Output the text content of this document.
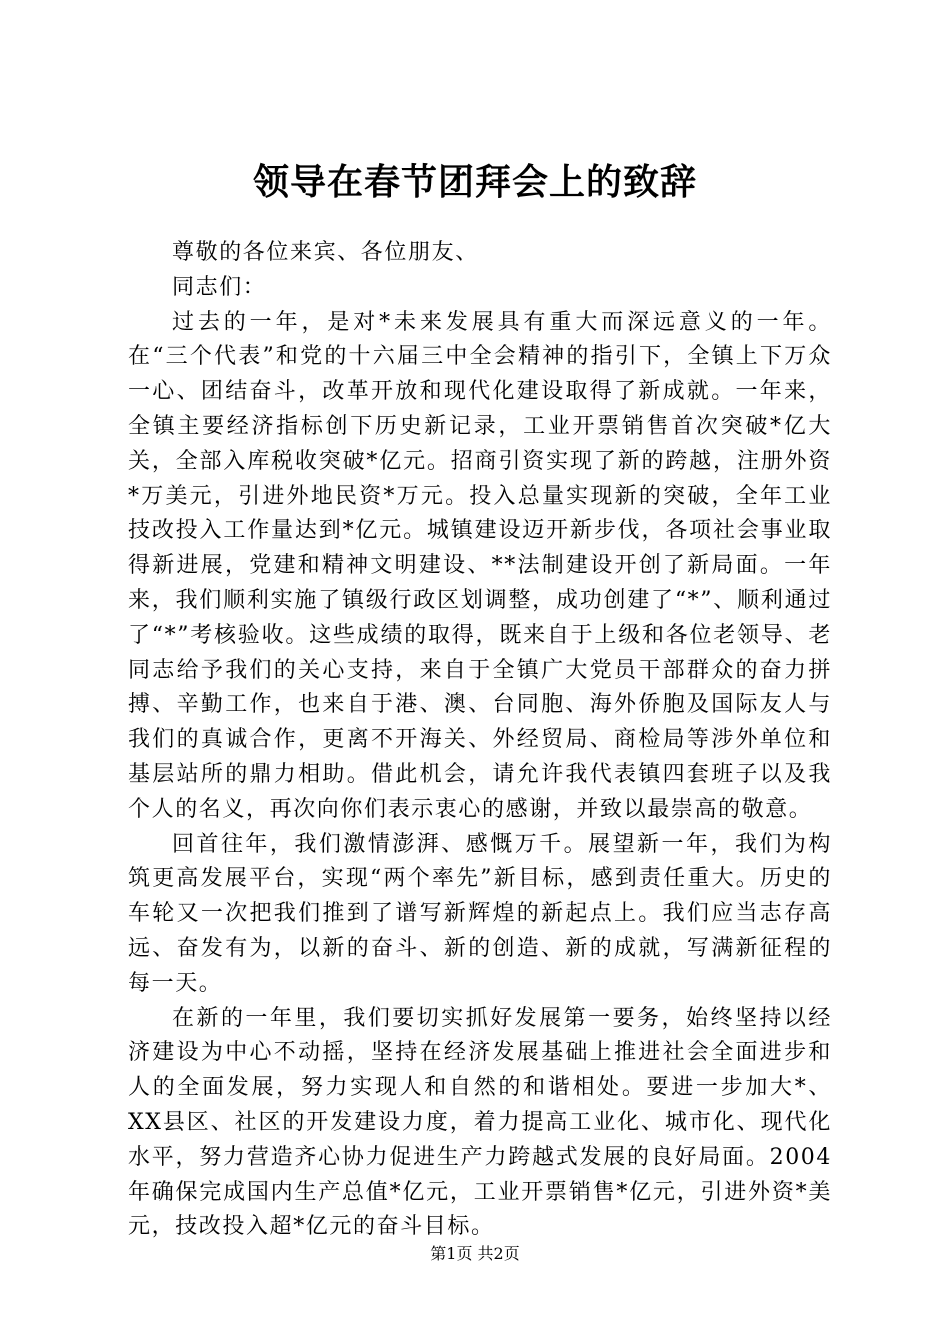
领导在春节团拜会上的致辞

尊敬的各位来宾、各位朋友、

同志们：

过去的一年，是对*未来发展具有重大而深远意义的一年。在“三个代表”和党的十六届三中全会精神的指引下，全镇上下万众一心、团结奋斗，改革开放和现代化建设取得了新成就。一年来，全镇主要经济指标创下历史新记录，工业开票销售首次突破*亿大关，全部入库税收突破*亿元。招商引资实现了新的跨越，注册外资*万美元，引进外地民资*万元。投入总量实现新的突破，全年工业技改投入工作量达到*亿元。城镇建设迈开新步伐，各项社会事业取得新进展，党建和精神文明建设、**法制建设开创了新局面。一年来，我们顺利实施了镇级行政区划调整，成功创建了“*”、顺利通过了“*”考核验收。这些成绩的取得，既来自于上级和各位老领导、老同志给予我们的关心支持，来自于全镇广大党员干部群众的奋力拼搏、辛勤工作，也来自于港、澳、台同胞、海外侨胞及国际友人与我们的真诚合作，更离不开海关、外经贸局、商检局等涉外单位和基层站所的鼎力相助。借此机会，请允许我代表镇四套班子以及我个人的名义，再次向你们表示衷心的感谢，并致以最崇高的敬意。

回首往年，我们激情澎湃、感慨万千。展望新一年，我们为构筑更高发展平台，实现“两个率先”新目标，感到责任重大。历史的车轮又一次把我们推到了谱写新辉煌的新起点上。我们应当志存高远、奋发有为，以新的奋斗、新的创造、新的成就，写满新征程的每一天。

在新的一年里，我们要切实抓好发展第一要务，始终坚持以经济建设为中心不动摇，坚持在经济发展基础上推进社会全面进步和人的全面发展，努力实现人和自然的和谐相处。要进一步加大*、XX县区、社区的开发建设力度，着力提高工业化、城市化、现代化水平，努力营造齐心协力促进生产力跨越式发展的良好局面。2004年确保完成国内生产总值*亿元，工业开票销售*亿元，引进外资*美元，技改投入超*亿元的奋斗目标。

第1页 共2页
